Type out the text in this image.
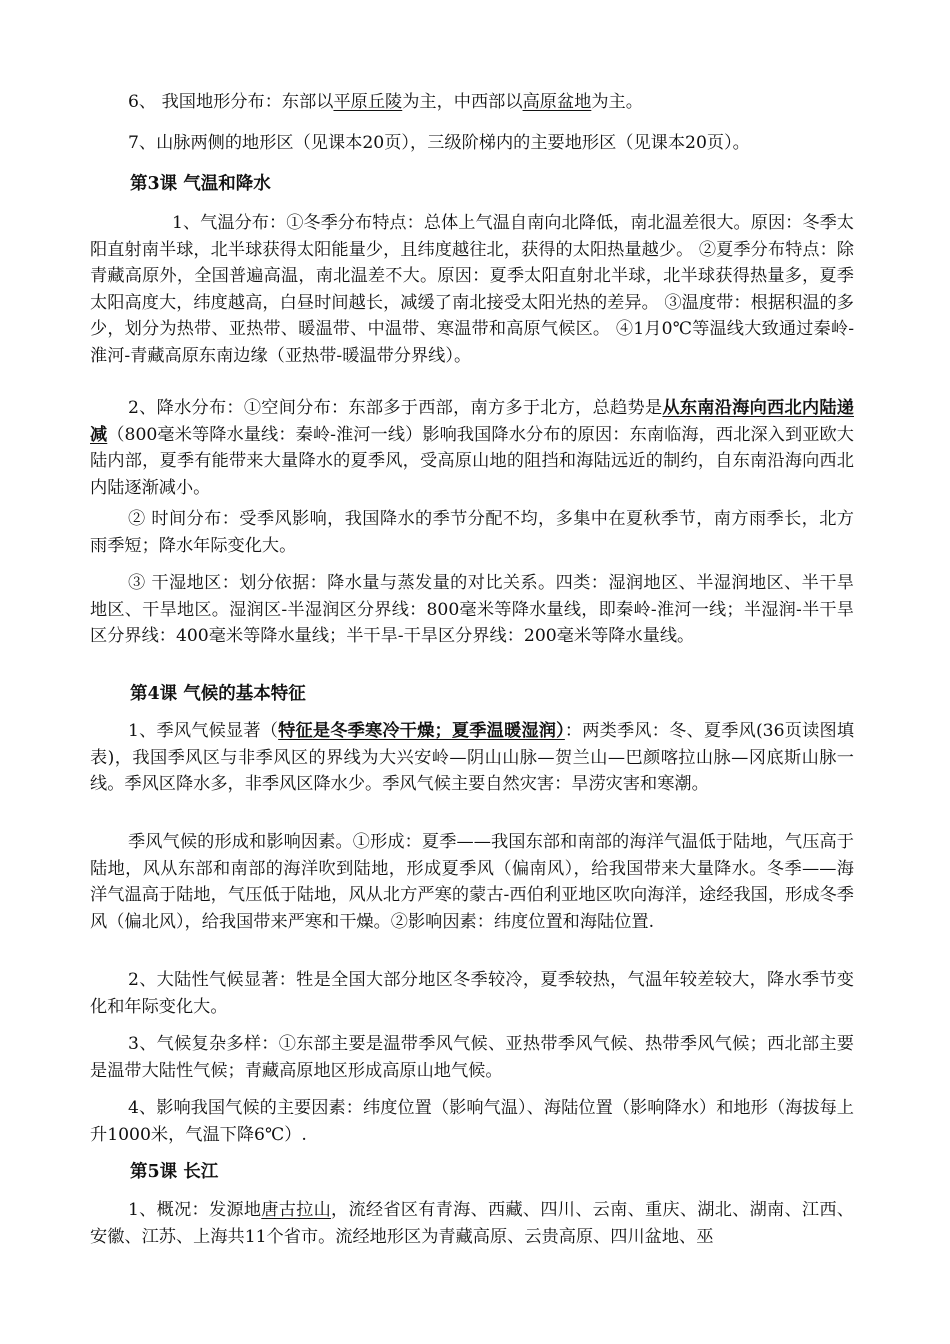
6、 我国地形分布：东部以平原丘陵为主，中西部以高原盆地为主。

7、山脉两侧的地形区（见课本20页），三级阶梯内的主要地形区（见课本20页）。

第3课 气温和降水

1、气温分布：①冬季分布特点：总体上气温自南向北降低，南北温差很大。原因：冬季太阳直射南半球，北半球获得太阳能量少，且纬度越往北，获得的太阳热量越少。 ②夏季分布特点：除青藏高原外，全国普遍高温，南北温差不大。原因：夏季太阳直射北半球，北半球获得热量多，夏季太阳高度大，纬度越高，白昼时间越长，减缓了南北接受太阳光热的差异。 ③温度带：根据积温的多少，划分为热带、亚热带、暖温带、中温带、寒温带和高原气候区。 ④1月0℃等温线大致通过秦岭-淮河-青藏高原东南边缘（亚热带-暖温带分界线）。

2、降水分布：①空间分布：东部多于西部，南方多于北方，总趋势是从东南沿海向西北内陆递减（800毫米等降水量线：秦岭-淮河一线）影响我国降水分布的原因：东南临海，西北深入到亚欧大陆内部，夏季有能带来大量降水的夏季风，受高原山地的阻挡和海陆远近的制约，自东南沿海向西北内陆逐渐减小。

② 时间分布：受季风影响，我国降水的季节分配不均，多集中在夏秋季节，南方雨季长，北方雨季短；降水年际变化大。

③ 干湿地区：划分依据：降水量与蒸发量的对比关系。四类：湿润地区、半湿润地区、半干旱地区、干旱地区。湿润区-半湿润区分界线：800毫米等降水量线，即秦岭-淮河一线；半湿润-半干旱区分界线：400毫米等降水量线；半干旱-干旱区分界线：200毫米等降水量线。

第4课 气候的基本特征

1、季风气候显著（特征是冬季寒冷干燥；夏季温暖湿润）：两类季风：冬、夏季风(36页读图填表)，我国季风区与非季风区的界线为大兴安岭—阴山山脉—贺兰山—巴颜喀拉山脉—冈底斯山脉一线。季风区降水多，非季风区降水少。季风气候主要自然灾害：旱涝灾害和寒潮。

季风气候的形成和影响因素。①形成：夏季——我国东部和南部的海洋气温低于陆地，气压高于陆地，风从东部和南部的海洋吹到陆地，形成夏季风（偏南风），给我国带来大量降水。冬季——海洋气温高于陆地，气压低于陆地，风从北方严寒的蒙古-西伯利亚地区吹向海洋，途经我国，形成冬季风（偏北风），给我国带来严寒和干燥。②影响因素：纬度位置和海陆位置.

2、大陆性气候显著：牲是全国大部分地区冬季较冷，夏季较热，气温年较差较大，降水季节变化和年际变化大。

3、气候复杂多样：①东部主要是温带季风气候、亚热带季风气候、热带季风气候；西北部主要是温带大陆性气候；青藏高原地区形成高原山地气候。

4、影响我国气候的主要因素：纬度位置（影响气温）、海陆位置（影响降水）和地形（海拔每上升1000米，气温下降6℃）.

第5课 长江

1、概况：发源地唐古拉山，流经省区有青海、西藏、四川、云南、重庆、湖北、湖南、江西、安徽、江苏、上海共11个省市。流经地形区为青藏高原、云贵高原、四川盆地、巫
